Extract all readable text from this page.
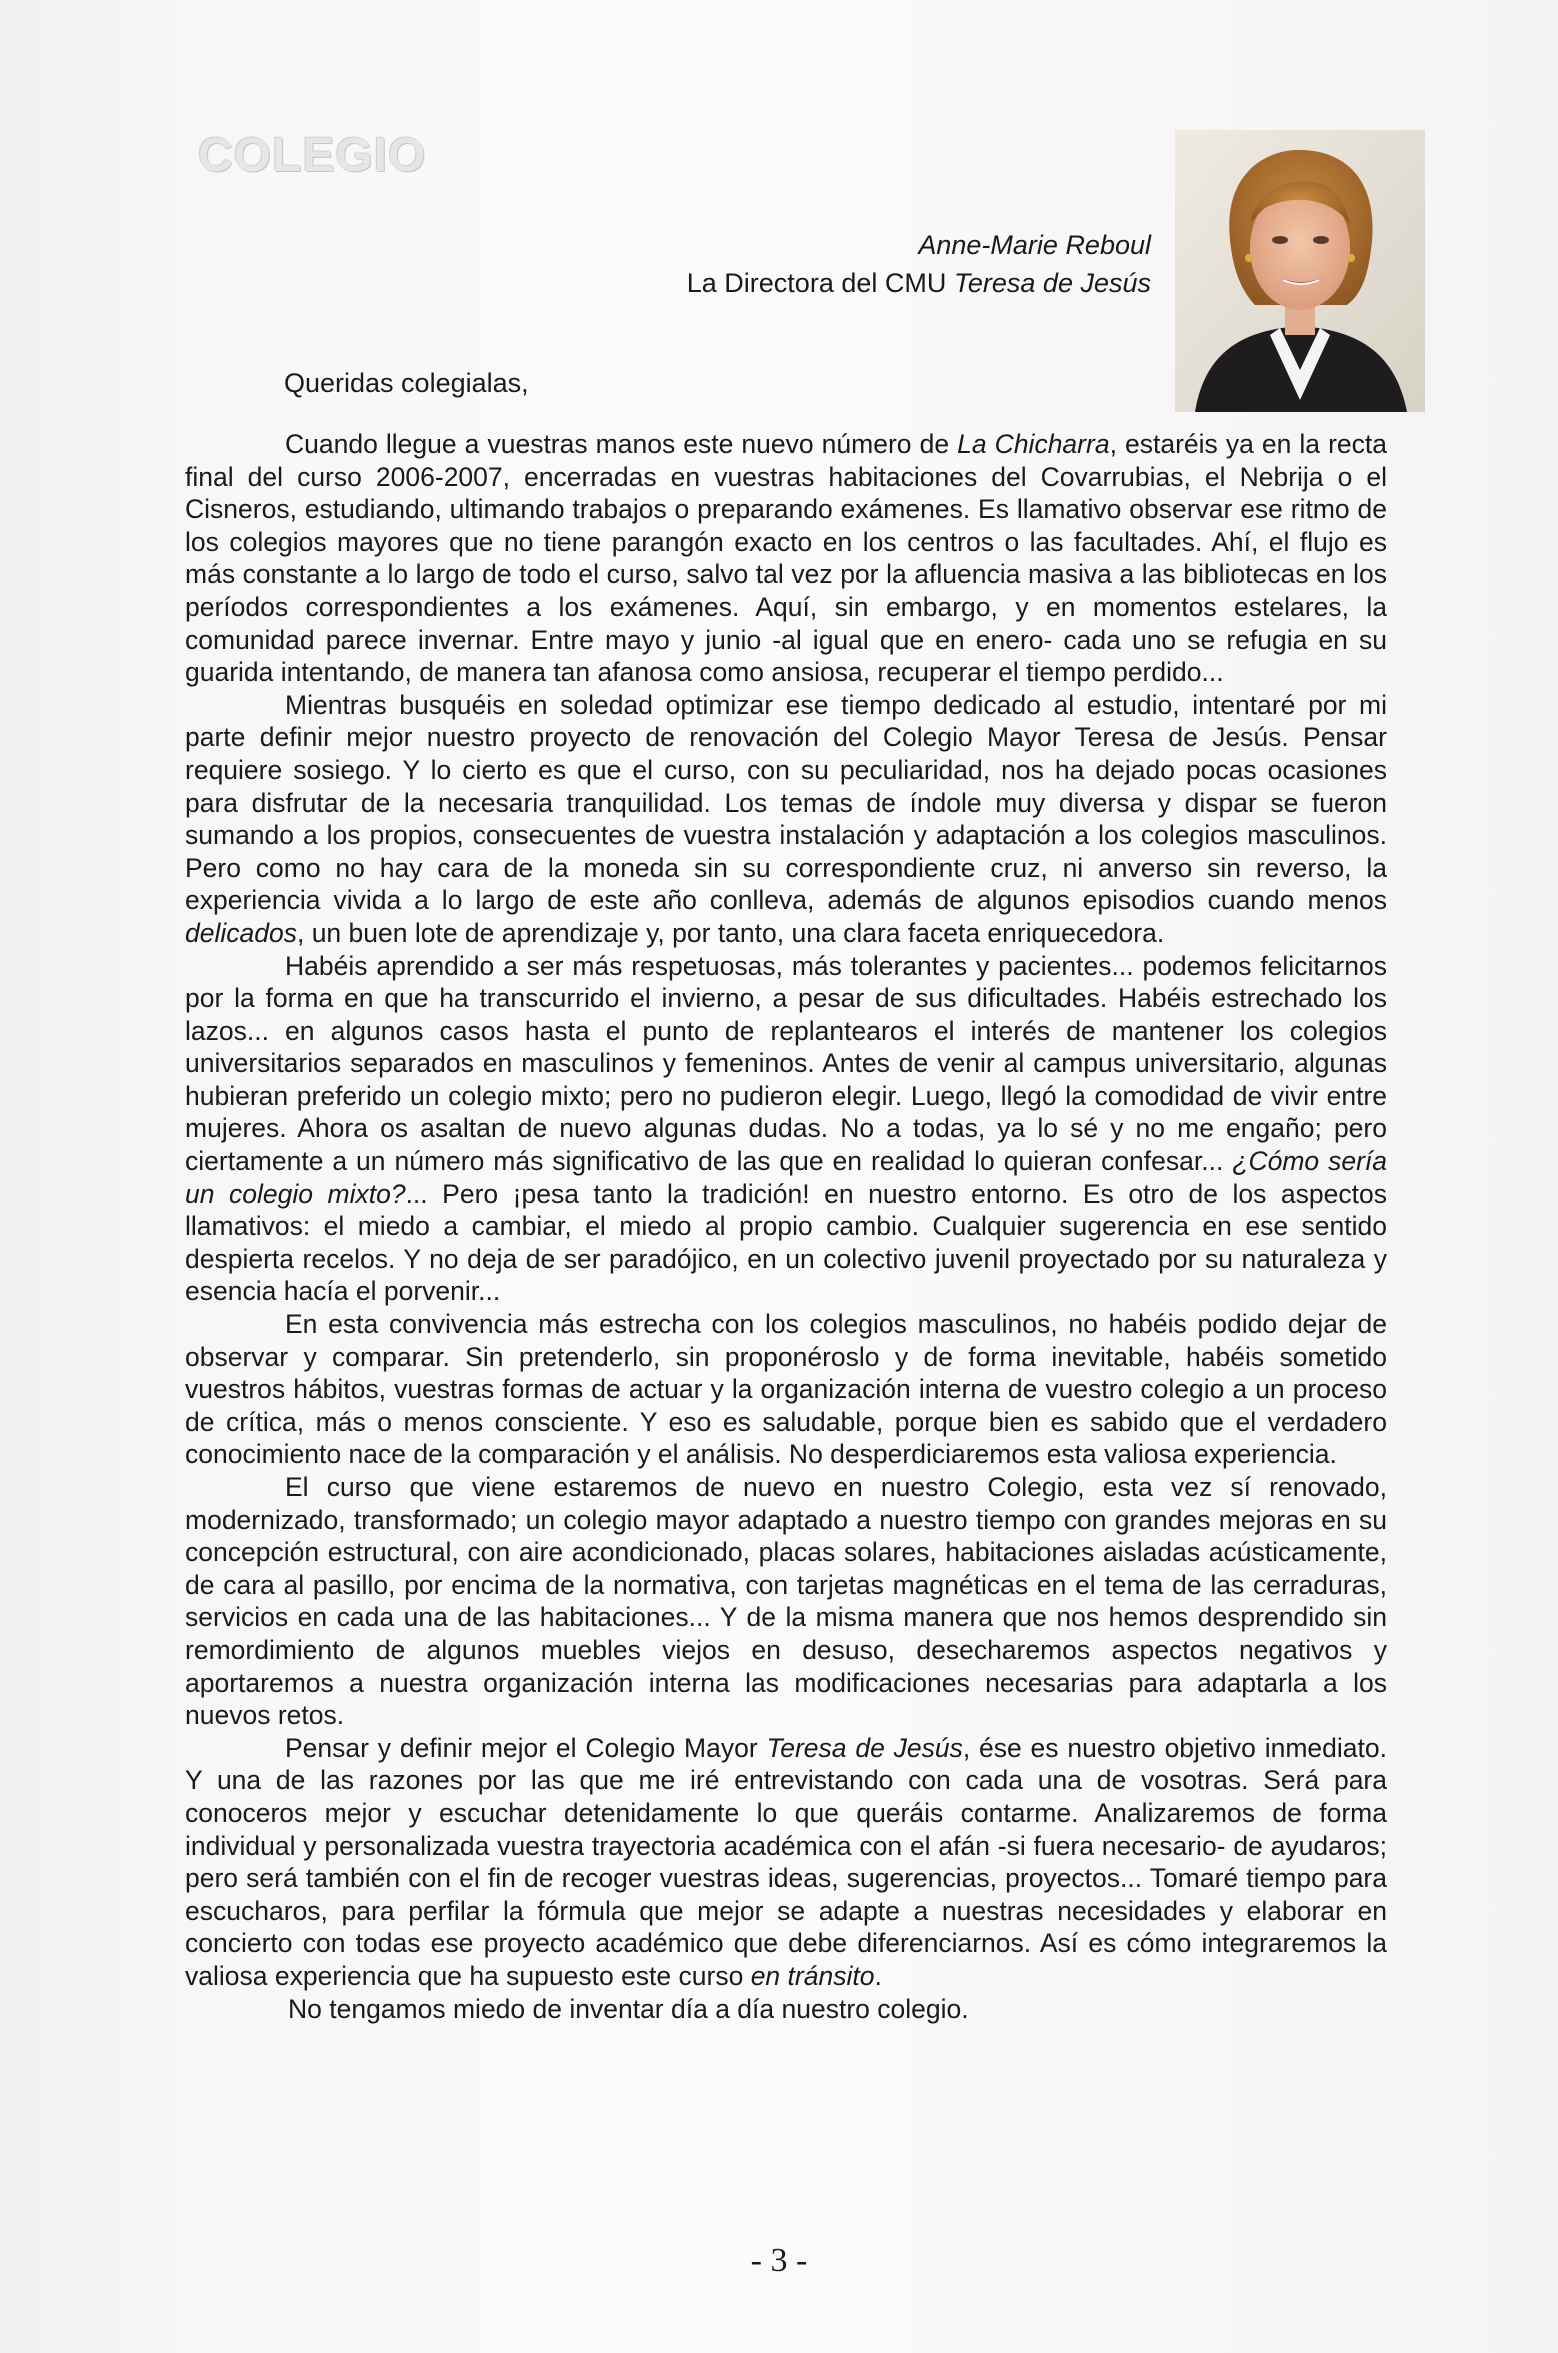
COLEGIO
Anne-Marie Reboul
La Directora del CMU Teresa de Jesús
Queridas colegialas,

Cuando llegue a vuestras manos este nuevo número de La Chicharra, estaréis ya en la recta final del curso 2006-2007, encerradas en vuestras habitaciones del Covarrubias, el Nebrija o el Cisneros, estudiando, ultimando trabajos o preparando exámenes. Es llamativo observar ese ritmo de los colegios mayores que no tiene parangón exacto en los centros o las facultades. Ahí, el flujo es más constante a lo largo de todo el curso, salvo tal vez por la afluencia masiva a las bibliotecas en los períodos correspondientes a los exámenes. Aquí, sin embargo, y en momentos estelares, la comunidad parece invernar. Entre mayo y junio -al igual que en enero- cada uno se refugia en su guarida intentando, de manera tan afanosa como ansiosa, recuperar el tiempo perdido...

Mientras busquéis en soledad optimizar ese tiempo dedicado al estudio, intentaré por mi parte definir mejor nuestro proyecto de renovación del Colegio Mayor Teresa de Jesús. Pensar requiere sosiego. Y lo cierto es que el curso, con su peculiaridad, nos ha dejado pocas ocasiones para disfrutar de la necesaria tranquilidad. Los temas de índole muy diversa y dispar se fueron sumando a los propios, consecuentes de vuestra instalación y adaptación a los colegios masculinos. Pero como no hay cara de la moneda sin su correspondiente cruz, ni anverso sin reverso, la experiencia vivida a lo largo de este año conlleva, además de algunos episodios cuando menos delicados, un buen lote de aprendizaje y, por tanto, una clara faceta enriquecedora.

Habéis aprendido a ser más respetuosas, más tolerantes y pacientes... podemos felicitarnos por la forma en que ha transcurrido el invierno, a pesar de sus dificultades. Habéis estrechado los lazos... en algunos casos hasta el punto de replantearos el interés de mantener los colegios universitarios separados en masculinos y femeninos. Antes de venir al campus universitario, algunas hubieran preferido un colegio mixto; pero no pudieron elegir. Luego, llegó la comodidad de vivir entre mujeres. Ahora os asaltan de nuevo algunas dudas. No a todas, ya lo sé y no me engaño; pero ciertamente a un número más significativo de las que en realidad lo quieran confesar... ¿Cómo sería un colegio mixto?... Pero ¡pesa tanto la tradición! en nuestro entorno. Es otro de los aspectos llamativos: el miedo a cambiar, el miedo al propio cambio. Cualquier sugerencia en ese sentido despierta recelos. Y no deja de ser paradójico, en un colectivo juvenil proyectado por su naturaleza y esencia hacía el porvenir...

En esta convivencia más estrecha con los colegios masculinos, no habéis podido dejar de observar y comparar. Sin pretenderlo, sin proponéroslo y de forma inevitable, habéis sometido vuestros hábitos, vuestras formas de actuar y la organización interna de vuestro colegio a un proceso de crítica, más o menos consciente. Y eso es saludable, porque bien es sabido que el verdadero conocimiento nace de la comparación y el análisis. No desperdiciaremos esta valiosa experiencia.

El curso que viene estaremos de nuevo en nuestro Colegio, esta vez sí renovado, modernizado, transformado; un colegio mayor adaptado a nuestro tiempo con grandes mejoras en su concepción estructural, con aire acondicionado, placas solares, habitaciones aisladas acústicamente, de cara al pasillo, por encima de la normativa, con tarjetas magnéticas en el tema de las cerraduras, servicios en cada una de las habitaciones... Y de la misma manera que nos hemos desprendido sin remordimiento de algunos muebles viejos en desuso, desecharemos aspectos negativos y aportaremos a nuestra organización interna las modificaciones necesarias para adaptarla a los nuevos retos.

Pensar y definir mejor el Colegio Mayor Teresa de Jesús, ése es nuestro objetivo inmediato. Y una de las razones por las que me iré entrevistando con cada una de vosotras. Será para conoceros mejor y escuchar detenidamente lo que queráis contarme. Analizaremos de forma individual y personalizada vuestra trayectoria académica con el afán -si fuera necesario- de ayudaros; pero será también con el fin de recoger vuestras ideas, sugerencias, proyectos... Tomaré tiempo para escucharos, para perfilar la fórmula que mejor se adapte a nuestras necesidades y elaborar en concierto con todas ese proyecto académico que debe diferenciarnos. Así es cómo integraremos la valiosa experiencia que ha supuesto este curso en tránsito.

No tengamos miedo de inventar día a día nuestro colegio.

- 3 -
